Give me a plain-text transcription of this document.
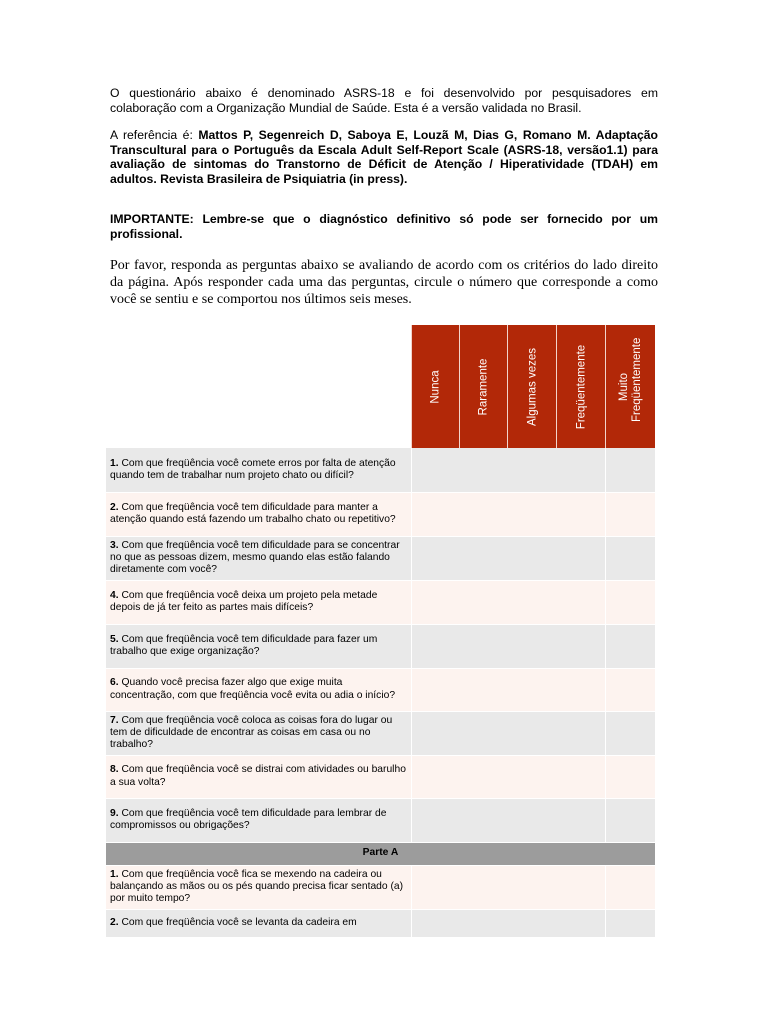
O questionário abaixo é denominado ASRS-18 e foi desenvolvido por pesquisadores em
colaboração com a Organização Mundial de Saúde. Esta é a versão validada no Brasil.

A referência é: Mattos P, Segenreich D, Saboya E, Louzã M, Dias G, Romano M. Adaptação Transcultural para o Português da Escala Adult Self-Report Scale (ASRS-18, versão1.1) para avaliação de sintomas do Transtorno de Déficit de Atenção / Hiperatividade (TDAH) em adultos. Revista Brasileira de Psiquiatria (in press).

IMPORTANTE: Lembre-se que o diagnóstico definitivo só pode ser fornecido por um profissional.

Por favor, responda as perguntas abaixo se avaliando de acordo com os critérios do lado direito da página. Após responder cada uma das perguntas, circule o número que corresponde a como você se sentiu e se comportou nos últimos seis meses.

Nunca	Raramente	Algumas vezes	Freqüentemente	Muito Freqüentemente
1. Com que freqüência você comete erros por falta de atenção quando tem de trabalhar num projeto chato ou difícil?		
2. Com que freqüência você tem dificuldade para manter a atenção quando está fazendo um trabalho chato ou repetitivo?		
3. Com que freqüência você tem dificuldade para se concentrar no que as pessoas dizem, mesmo quando elas estão falando diretamente com você?		
4. Com que freqüência você deixa um projeto pela metade depois de já ter feito as partes mais difíceis?		
5. Com que freqüência você tem dificuldade para fazer um trabalho que exige organização?		
6. Quando você precisa fazer algo que exige muita concentração, com que freqüência você evita ou adia o início?		
7. Com que freqüência você coloca as coisas fora do lugar ou tem de dificuldade de encontrar as coisas em casa ou no trabalho?		
8. Com que freqüência você se distrai com atividades ou barulho a sua volta?		
9. Com que freqüência você tem dificuldade para lembrar de compromissos ou obrigações?		
Parte A		
1. Com que freqüência você fica se mexendo na cadeira ou balançando as mãos ou os pés quando precisa ficar sentado (a) por muito tempo?		
2. Com que freqüência você se levanta da cadeira em		
